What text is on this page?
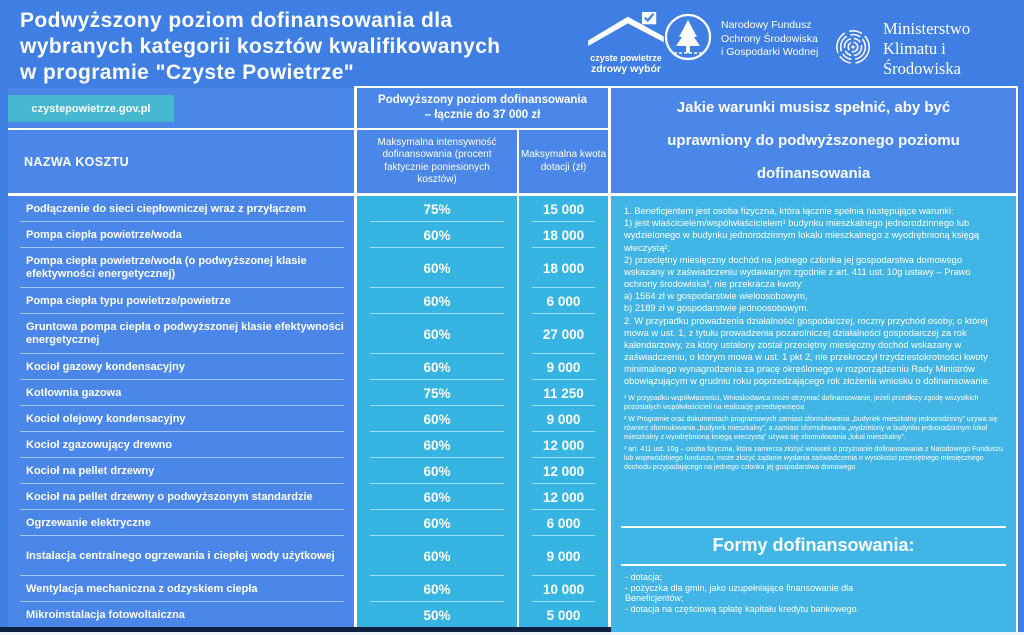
Podwyższony poziom dofinansowania dla
wybranych kategorii kosztów kwalifikowanych
w programie "Czyste Powietrze"
czyste powietrze
zdrowy wybór
Narodowy Fundusz
Ochrony Środowiska
i Gospodarki Wodnej
Ministerstwo
Klimatu i Środowiska
czystepowietrze.gov.pl
NAZWA KOSZTU
Podwyższony poziom dofinansowania
– łącznie do 37 000 zł
Maksymalna intensywność dofinansowania (procent faktycznie poniesionych kosztów)
Maksymalna kwota dotacji (zł)
Jakie warunki musisz spełnić, aby być
uprawniony do podwyższonego poziomu
dofinansowania
Podłączenie do sieci ciepłowniczej wraz z przyłączem	75%	15 000
Pompa ciepła powietrze/woda	60%	18 000
Pompa ciepła powietrze/woda (o podwyższonej klasie efektywności energetycznej)	60%	18 000
Pompa ciepła typu powietrze/powietrze	60%	6 000
Gruntowa pompa ciepła o podwyższonej klasie efektywności energetycznej	60%	27 000
Kocioł gazowy kondensacyjny	60%	9 000
Kotłownia gazowa	75%	11 250
Kocioł olejowy kondensacyjny	60%	9 000
Kocioł zgazowujący drewno	60%	12 000
Kocioł na pellet drzewny	60%	12 000
Kocioł na pellet drzewny o podwyższonym standardzie	60%	12 000
Ogrzewanie elektryczne	60%	6 000
Instalacja centralnego ogrzewania i ciepłej wody użytkowej	60%	9 000
Wentylacja mechaniczna z odzyskiem ciepła	60%	10 000
Mikroinstalacja fotowoltaiczna	50%	5 000
1. Beneficjentem jest osoba fizyczna, która łącznie spełnia następujące warunki:
1) jest właścicielem/współwłaścicielem¹ budynku mieszkalnego jednorodzinnego lub wydzielonego w budynku jednorodzinnym lokalu mieszkalnego z wyodrębnioną księgą wieczystą²;
2) przeciętny miesięczny dochód na jednego członka jej gospodarstwa domowego wskazany w zaświadczeniu wydawanym zgodnie z art. 411 ust. 10g ustawy – Prawo ochrony środowiska³, nie przekracza kwoty:
a) 1564 zł w gospodarstwie wieloosobowym,
b) 2189 zł w gospodarstwie jednoosobowym.
2. W przypadku prowadzenia działalności gospodarczej, roczny przychód osoby, o której mowa w ust. 1, z tytułu prowadzenia pozarolniczej działalności gospodarczej za rok kalendarzowy, za który ustalony został przeciętny miesięczny dochód wskazany w zaświadczeniu, o którym mowa w ust. 1 pkt 2, nie przekroczył trzydziestokrotności kwoty minimalnego wynagrodzenia za pracę określonego w rozporządzeniu Rady Ministrów obowiązującym w grudniu roku poprzedzającego rok złożenia wniosku o dofinansowanie.
¹ W przypadku współwłasności, Wnioskodawca może otrzymać dofinansowanie, jeżeli przedłoży zgodę wszystkich pozostałych współwłaścicieli na realizację przedsięwzięcia
² W Programie oraz dokumentach programowych zamiast sformułowania „budynek mieszkalny jednorodzinny” używa się również sformułowania „budynek mieszkalny”, a zamiast sformułowania „wydzielony w budynku jednorodzinnym lokal mieszkalny z wyodrębnioną księgą wieczystą” używa się sformułowania „lokal mieszkalny”.
³ art. 411 ust. 10g – osoba fizyczna, która zamierza złożyć wniosek o przyznanie dofinansowania z Narodowego Funduszu lub wojewódzkiego funduszu, może złożyć żądanie wydania zaświadczenia o wysokości przeciętnego miesięcznego dochodu przypadającego na jednego członka jej gospodarstwa domowego.
Formy dofinansowania:
- dotacja;
- pożyczka dla gmin, jako uzupełniające finansowanie dla Beneficjentów;
- dotacja na częściową spłatę kapitału kredytu bankowego.
